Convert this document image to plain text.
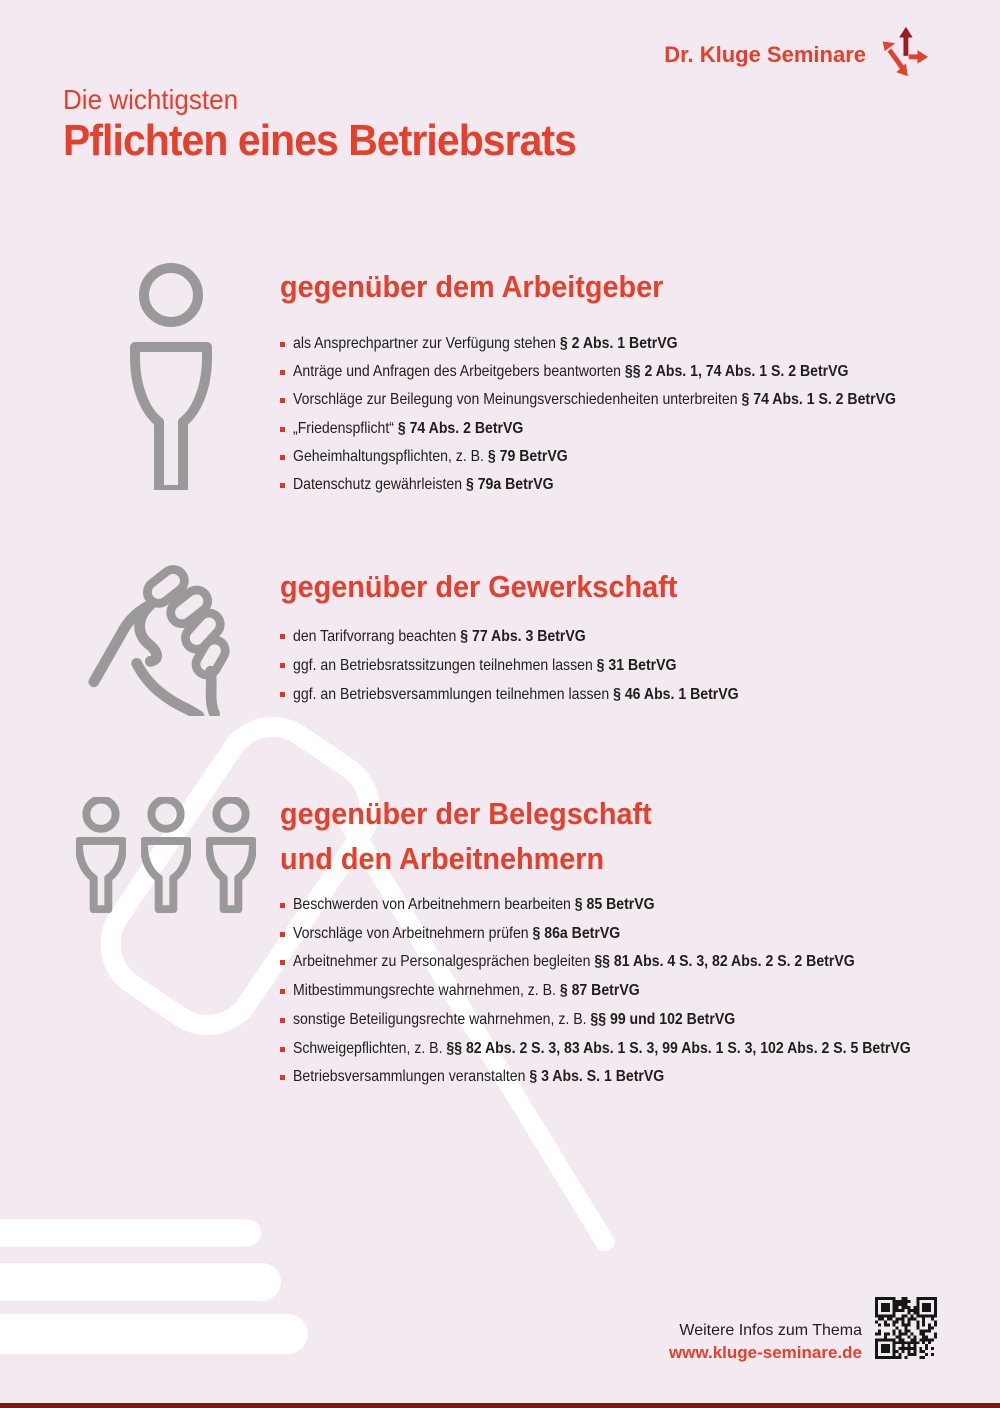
Dr. Kluge Seminare
Die wichtigsten
Pflichten eines Betriebsrats
gegenüber dem Arbeitgeber
als Ansprechpartner zur Verfügung stehen § 2 Abs. 1 BetrVG
Anträge und Anfragen des Arbeitgebers beantworten §§ 2 Abs. 1, 74 Abs. 1 S. 2 BetrVG
Vorschläge zur Beilegung von Meinungsverschiedenheiten unterbreiten § 74 Abs. 1 S. 2 BetrVG
„Friedenspflicht“ § 74 Abs. 2 BetrVG
Geheimhaltungspflichten, z. B. § 79 BetrVG
Datenschutz gewährleisten § 79a BetrVG
gegenüber der Gewerkschaft
den Tarifvorrang beachten § 77 Abs. 3 BetrVG
ggf. an Betriebsratssitzungen teilnehmen lassen § 31 BetrVG
ggf. an Betriebsversammlungen teilnehmen lassen § 46 Abs. 1 BetrVG
gegenüber der Belegschaft
und den Arbeitnehmern
Beschwerden von Arbeitnehmern bearbeiten § 85 BetrVG
Vorschläge von Arbeitnehmern prüfen § 86a BetrVG
Arbeitnehmer zu Personalgesprächen begleiten §§ 81 Abs. 4 S. 3, 82 Abs. 2 S. 2 BetrVG
Mitbestimmungsrechte wahrnehmen, z. B. § 87 BetrVG
sonstige Beteiligungsrechte wahrnehmen, z. B. §§ 99 und 102 BetrVG
Schweigepflichten, z. B. §§ 82 Abs. 2 S. 3, 83 Abs. 1 S. 3, 99 Abs. 1 S. 3, 102 Abs. 2 S. 5 BetrVG
Betriebsversammlungen veranstalten § 3 Abs. S. 1 BetrVG
Weitere Infos zum Thema
www.kluge-seminare.de
